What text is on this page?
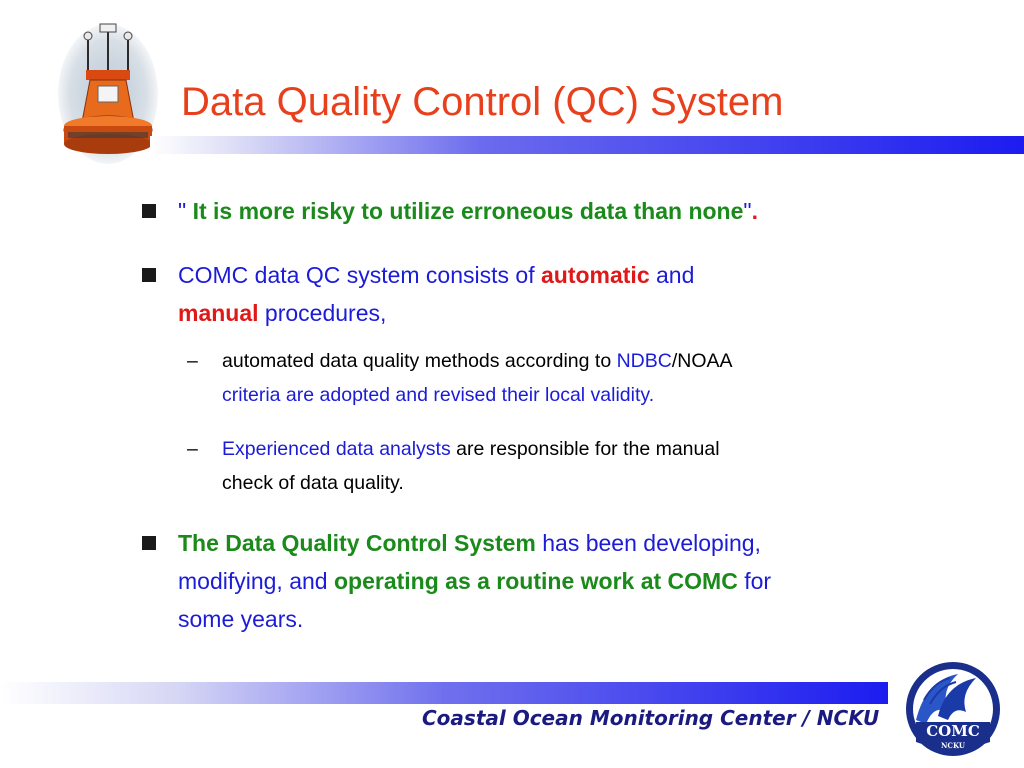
Data Quality Control (QC) System
" It is more risky to utilize erroneous data than none".
COMC data QC system consists of automatic and
manual procedures,
– automated data quality methods according to NDBC/NOAA
criteria are adopted and revised their local validity.
– Experienced data analysts are responsible for the manual
check of data quality.
The Data Quality Control System has been developing,
modifying, and operating as a routine work at COMC for
some years.
Coastal Ocean Monitoring Center / NCKU
COMC
NCKU
